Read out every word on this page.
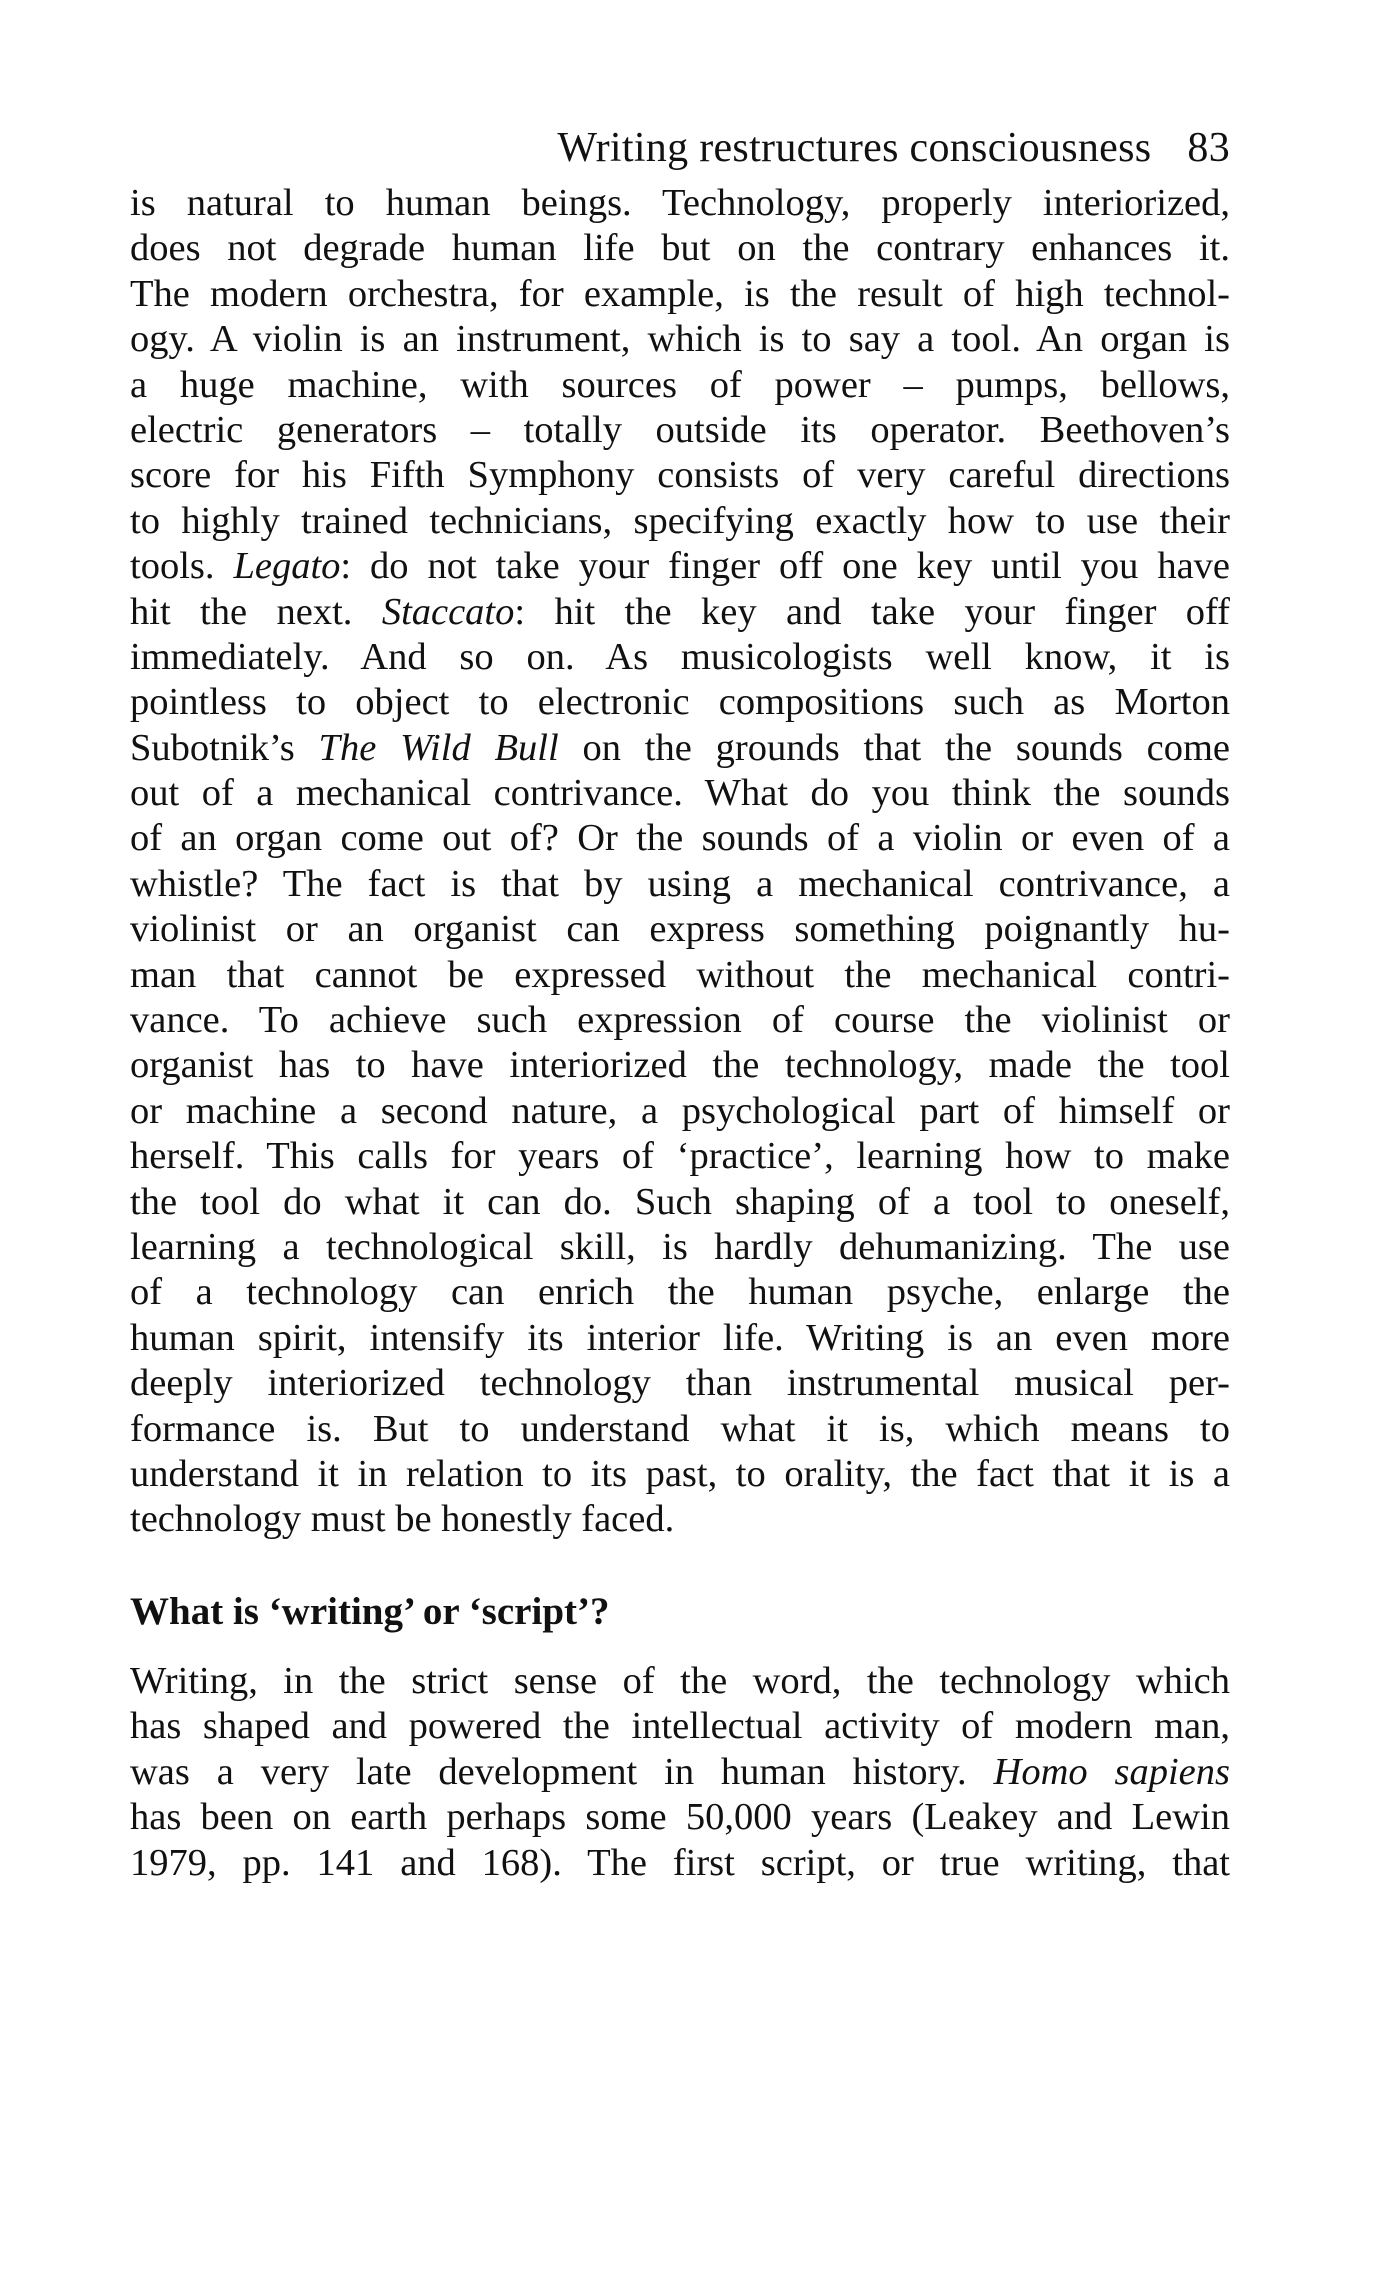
Writing restructures consciousness 83
is natural to human beings. Technology, properly interiorized,
does not degrade human life but on the contrary enhances it.
The modern orchestra, for example, is the result of high technol-
ogy. A violin is an instrument, which is to say a tool. An organ is
a huge machine, with sources of power – pumps, bellows,
electric generators – totally outside its operator. Beethoven’s
score for his Fifth Symphony consists of very careful directions
to highly trained technicians, specifying exactly how to use their
tools. Legato: do not take your finger off one key until you have
hit the next. Staccato: hit the key and take your finger off
immediately. And so on. As musicologists well know, it is
pointless to object to electronic compositions such as Morton
Subotnik’s The Wild Bull on the grounds that the sounds come
out of a mechanical contrivance. What do you think the sounds
of an organ come out of? Or the sounds of a violin or even of a
whistle? The fact is that by using a mechanical contrivance, a
violinist or an organist can express something poignantly hu-
man that cannot be expressed without the mechanical contri-
vance. To achieve such expression of course the violinist or
organist has to have interiorized the technology, made the tool
or machine a second nature, a psychological part of himself or
herself. This calls for years of ‘practice’, learning how to make
the tool do what it can do. Such shaping of a tool to oneself,
learning a technological skill, is hardly dehumanizing. The use
of a technology can enrich the human psyche, enlarge the
human spirit, intensify its interior life. Writing is an even more
deeply interiorized technology than instrumental musical per-
formance is. But to understand what it is, which means to
understand it in relation to its past, to orality, the fact that it is a
technology must be honestly faced.
What is ‘writing’ or ‘script’?
Writing, in the strict sense of the word, the technology which
has shaped and powered the intellectual activity of modern man,
was a very late development in human history. Homo sapiens
has been on earth perhaps some 50,000 years (Leakey and Lewin
1979, pp. 141 and 168). The first script, or true writing, that
